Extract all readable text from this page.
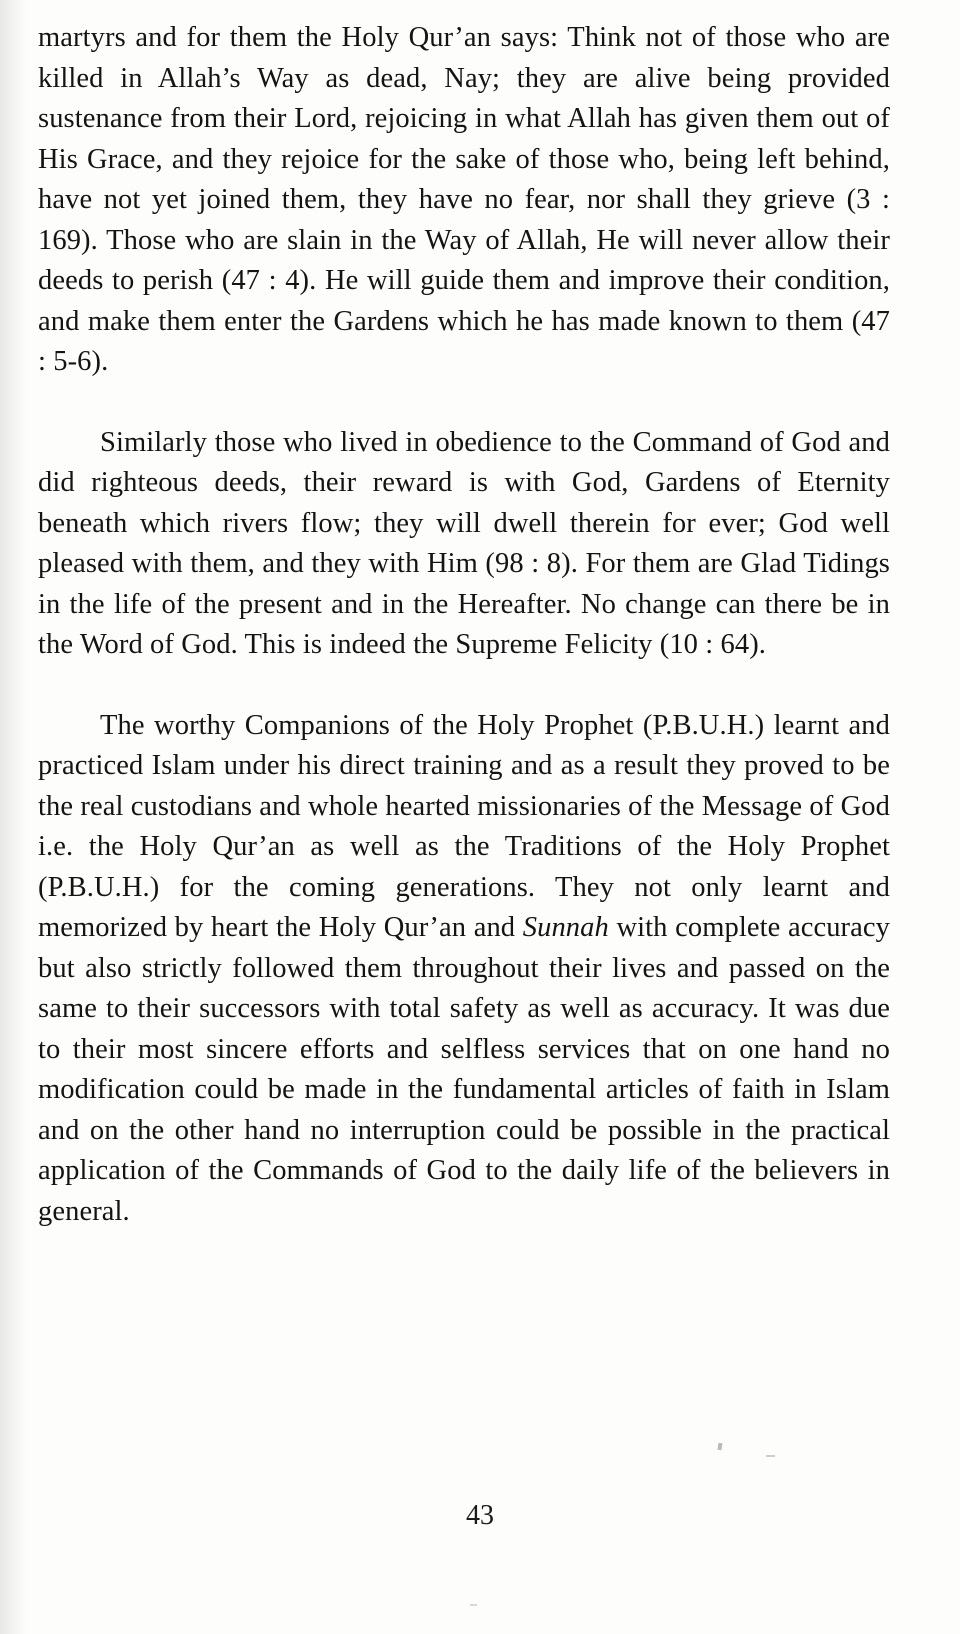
martyrs and for them the Holy Qur’an says: Think not of those who are killed in Allah’s Way as dead, Nay; they are alive being provided sustenance from their Lord, rejoicing in what Allah has given them out of His Grace, and they rejoice for the sake of those who, being left behind, have not yet joined them, they have no fear, nor shall they grieve (3 : 169). Those who are slain in the Way of Allah, He will never allow their deeds to perish (47 : 4). He will guide them and improve their condition, and make them enter the Gardens which he has made known to them (47 : 5-6).

Similarly those who lived in obedience to the Command of God and did righteous deeds, their reward is with God, Gardens of Eternity beneath which rivers flow; they will dwell therein for ever; God well pleased with them, and they with Him (98 : 8). For them are Glad Tidings in the life of the present and in the Hereafter. No change can there be in the Word of God. This is indeed the Supreme Felicity (10 : 64).

The worthy Companions of the Holy Prophet (P.B.U.H.) learnt and practiced Islam under his direct training and as a result they proved to be the real custodians and whole hearted missionaries of the Message of God i.e. the Holy Qur’an as well as the Traditions of the Holy Prophet (P.B.U.H.) for the coming generations. They not only learnt and memorized by heart the Holy Qur’an and Sunnah with complete accuracy but also strictly followed them throughout their lives and passed on the same to their successors with total safety as well as accuracy. It was due to their most sincere efforts and selfless services that on one hand no modification could be made in the fundamental articles of faith in Islam and on the other hand no interruption could be possible in the practical application of the Commands of God to the daily life of the believers in general.

43
